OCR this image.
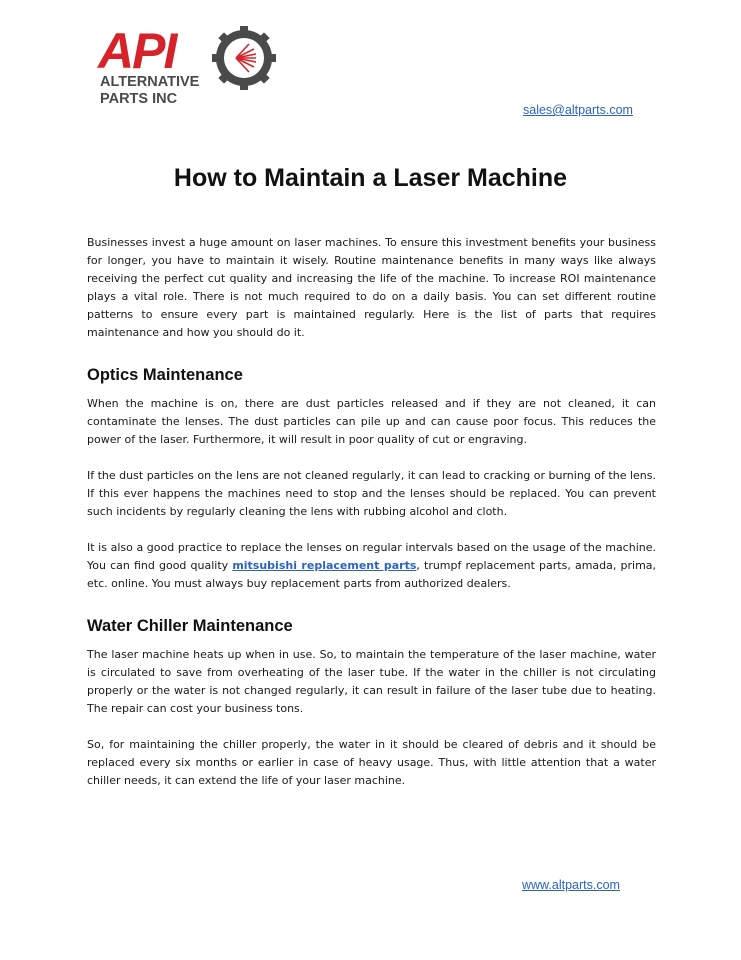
API
ALTERNATIVE
PARTS INC
sales@altparts.com
How to Maintain a Laser Machine

Businesses invest a huge amount on laser machines. To ensure this investment benefits your business for longer, you have to maintain it wisely. Routine maintenance benefits in many ways like always receiving the perfect cut quality and increasing the life of the machine. To increase ROI maintenance plays a vital role. There is not much required to do on a daily basis. You can set different routine patterns to ensure every part is maintained regularly. Here is the list of parts that requires maintenance and how you should do it.

Optics Maintenance

When the machine is on, there are dust particles released and if they are not cleaned, it can contaminate the lenses. The dust particles can pile up and can cause poor focus. This reduces the power of the laser. Furthermore, it will result in poor quality of cut or engraving.

If the dust particles on the lens are not cleaned regularly, it can lead to cracking or burning of the lens. If this ever happens the machines need to stop and the lenses should be replaced. You can prevent such incidents by regularly cleaning the lens with rubbing alcohol and cloth.

It is also a good practice to replace the lenses on regular intervals based on the usage of the machine. You can find good quality mitsubishi replacement parts, trumpf replacement parts, amada, prima, etc. online. You must always buy replacement parts from authorized dealers.

Water Chiller Maintenance

The laser machine heats up when in use. So, to maintain the temperature of the laser machine, water is circulated to save from overheating of the laser tube. If the water in the chiller is not circulating properly or the water is not changed regularly, it can result in failure of the laser tube due to heating. The repair can cost your business tons.

So, for maintaining the chiller properly, the water in it should be cleared of debris and it should be replaced every six months or earlier in case of heavy usage. Thus, with little attention that a water chiller needs, it can extend the life of your laser machine.

www.altparts.com
